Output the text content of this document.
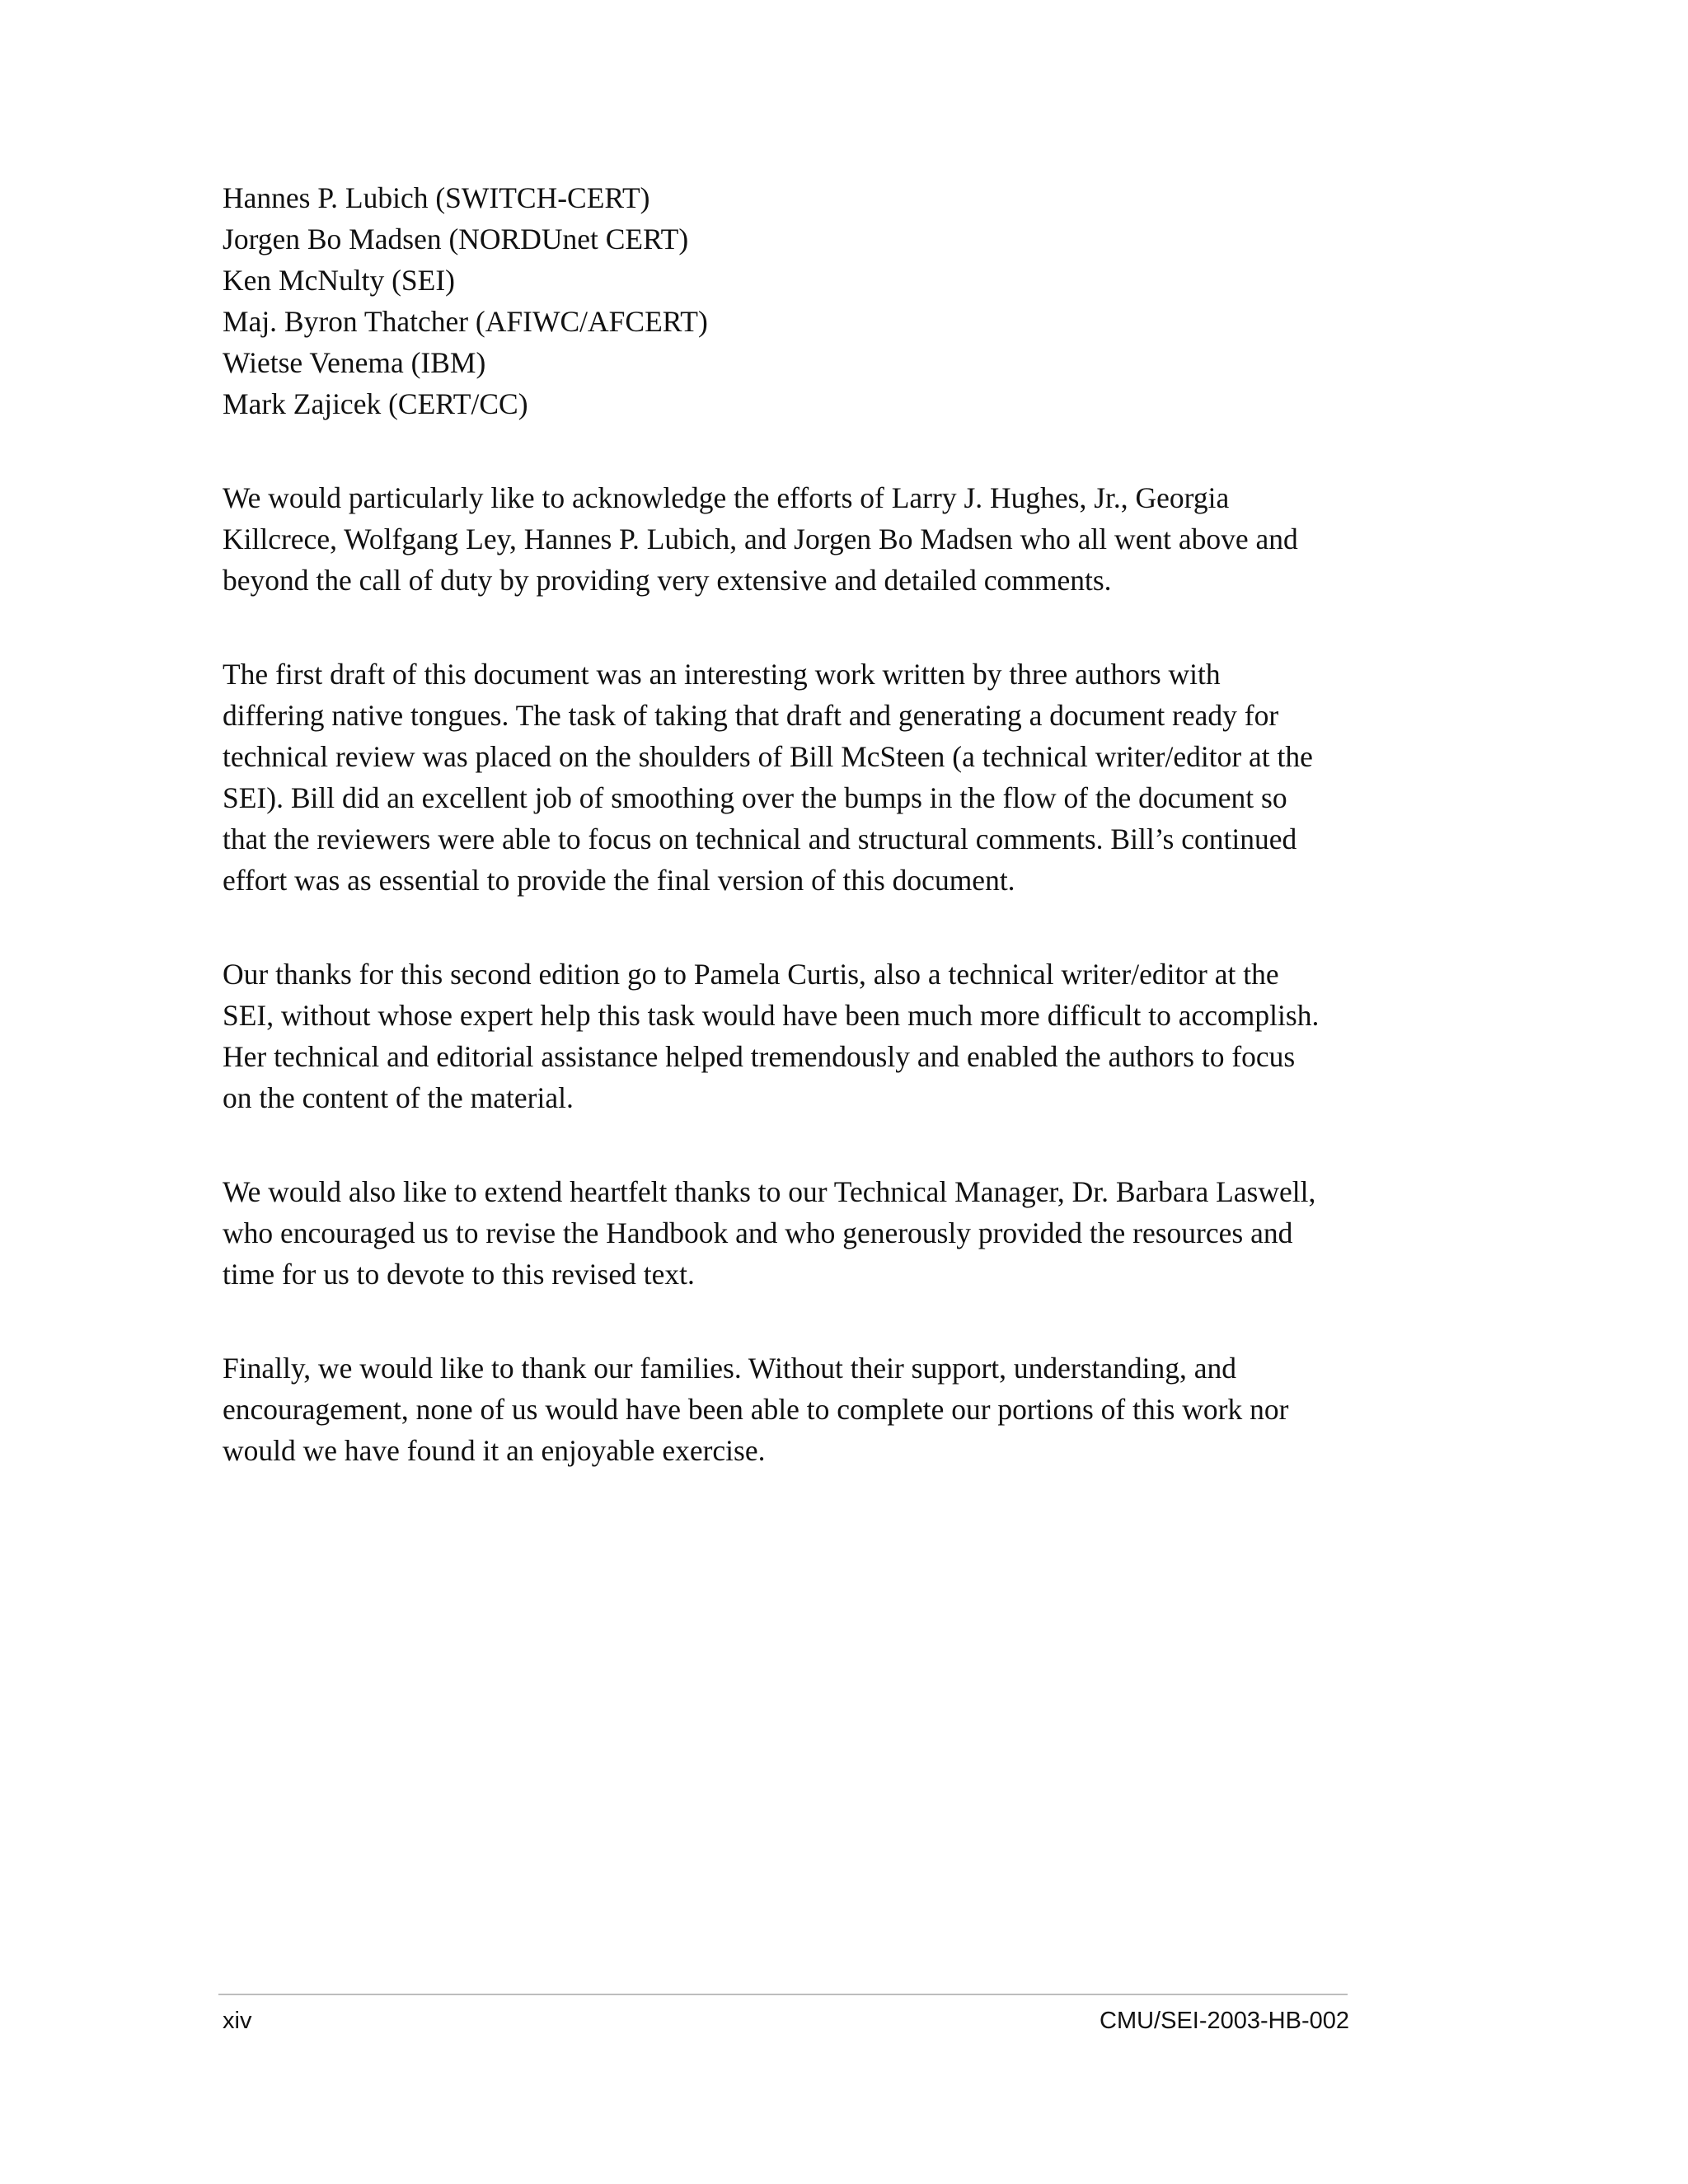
Hannes P. Lubich (SWITCH-CERT)
Jorgen Bo Madsen (NORDUnet CERT)
Ken McNulty (SEI)
Maj. Byron Thatcher (AFIWC/AFCERT)
Wietse Venema (IBM)
Mark Zajicek (CERT/CC)

We would particularly like to acknowledge the efforts of Larry J. Hughes, Jr., Georgia
Killcrece, Wolfgang Ley, Hannes P. Lubich, and Jorgen Bo Madsen who all went above and
beyond the call of duty by providing very extensive and detailed comments.

The first draft of this document was an interesting work written by three authors with
differing native tongues. The task of taking that draft and generating a document ready for
technical review was placed on the shoulders of Bill McSteen (a technical writer/editor at the
SEI). Bill did an excellent job of smoothing over the bumps in the flow of the document so
that the reviewers were able to focus on technical and structural comments. Bill’s continued
effort was as essential to provide the final version of this document.

Our thanks for this second edition go to Pamela Curtis, also a technical writer/editor at the
SEI, without whose expert help this task would have been much more difficult to accomplish.
Her technical and editorial assistance helped tremendously and enabled the authors to focus
on the content of the material.

We would also like to extend heartfelt thanks to our Technical Manager, Dr. Barbara Laswell,
who encouraged us to revise the Handbook and who generously provided the resources and
time for us to devote to this revised text.

Finally, we would like to thank our families. Without their support, understanding, and
encouragement, none of us would have been able to complete our portions of this work nor
would we have found it an enjoyable exercise.

xiv	CMU/SEI-2003-HB-002
